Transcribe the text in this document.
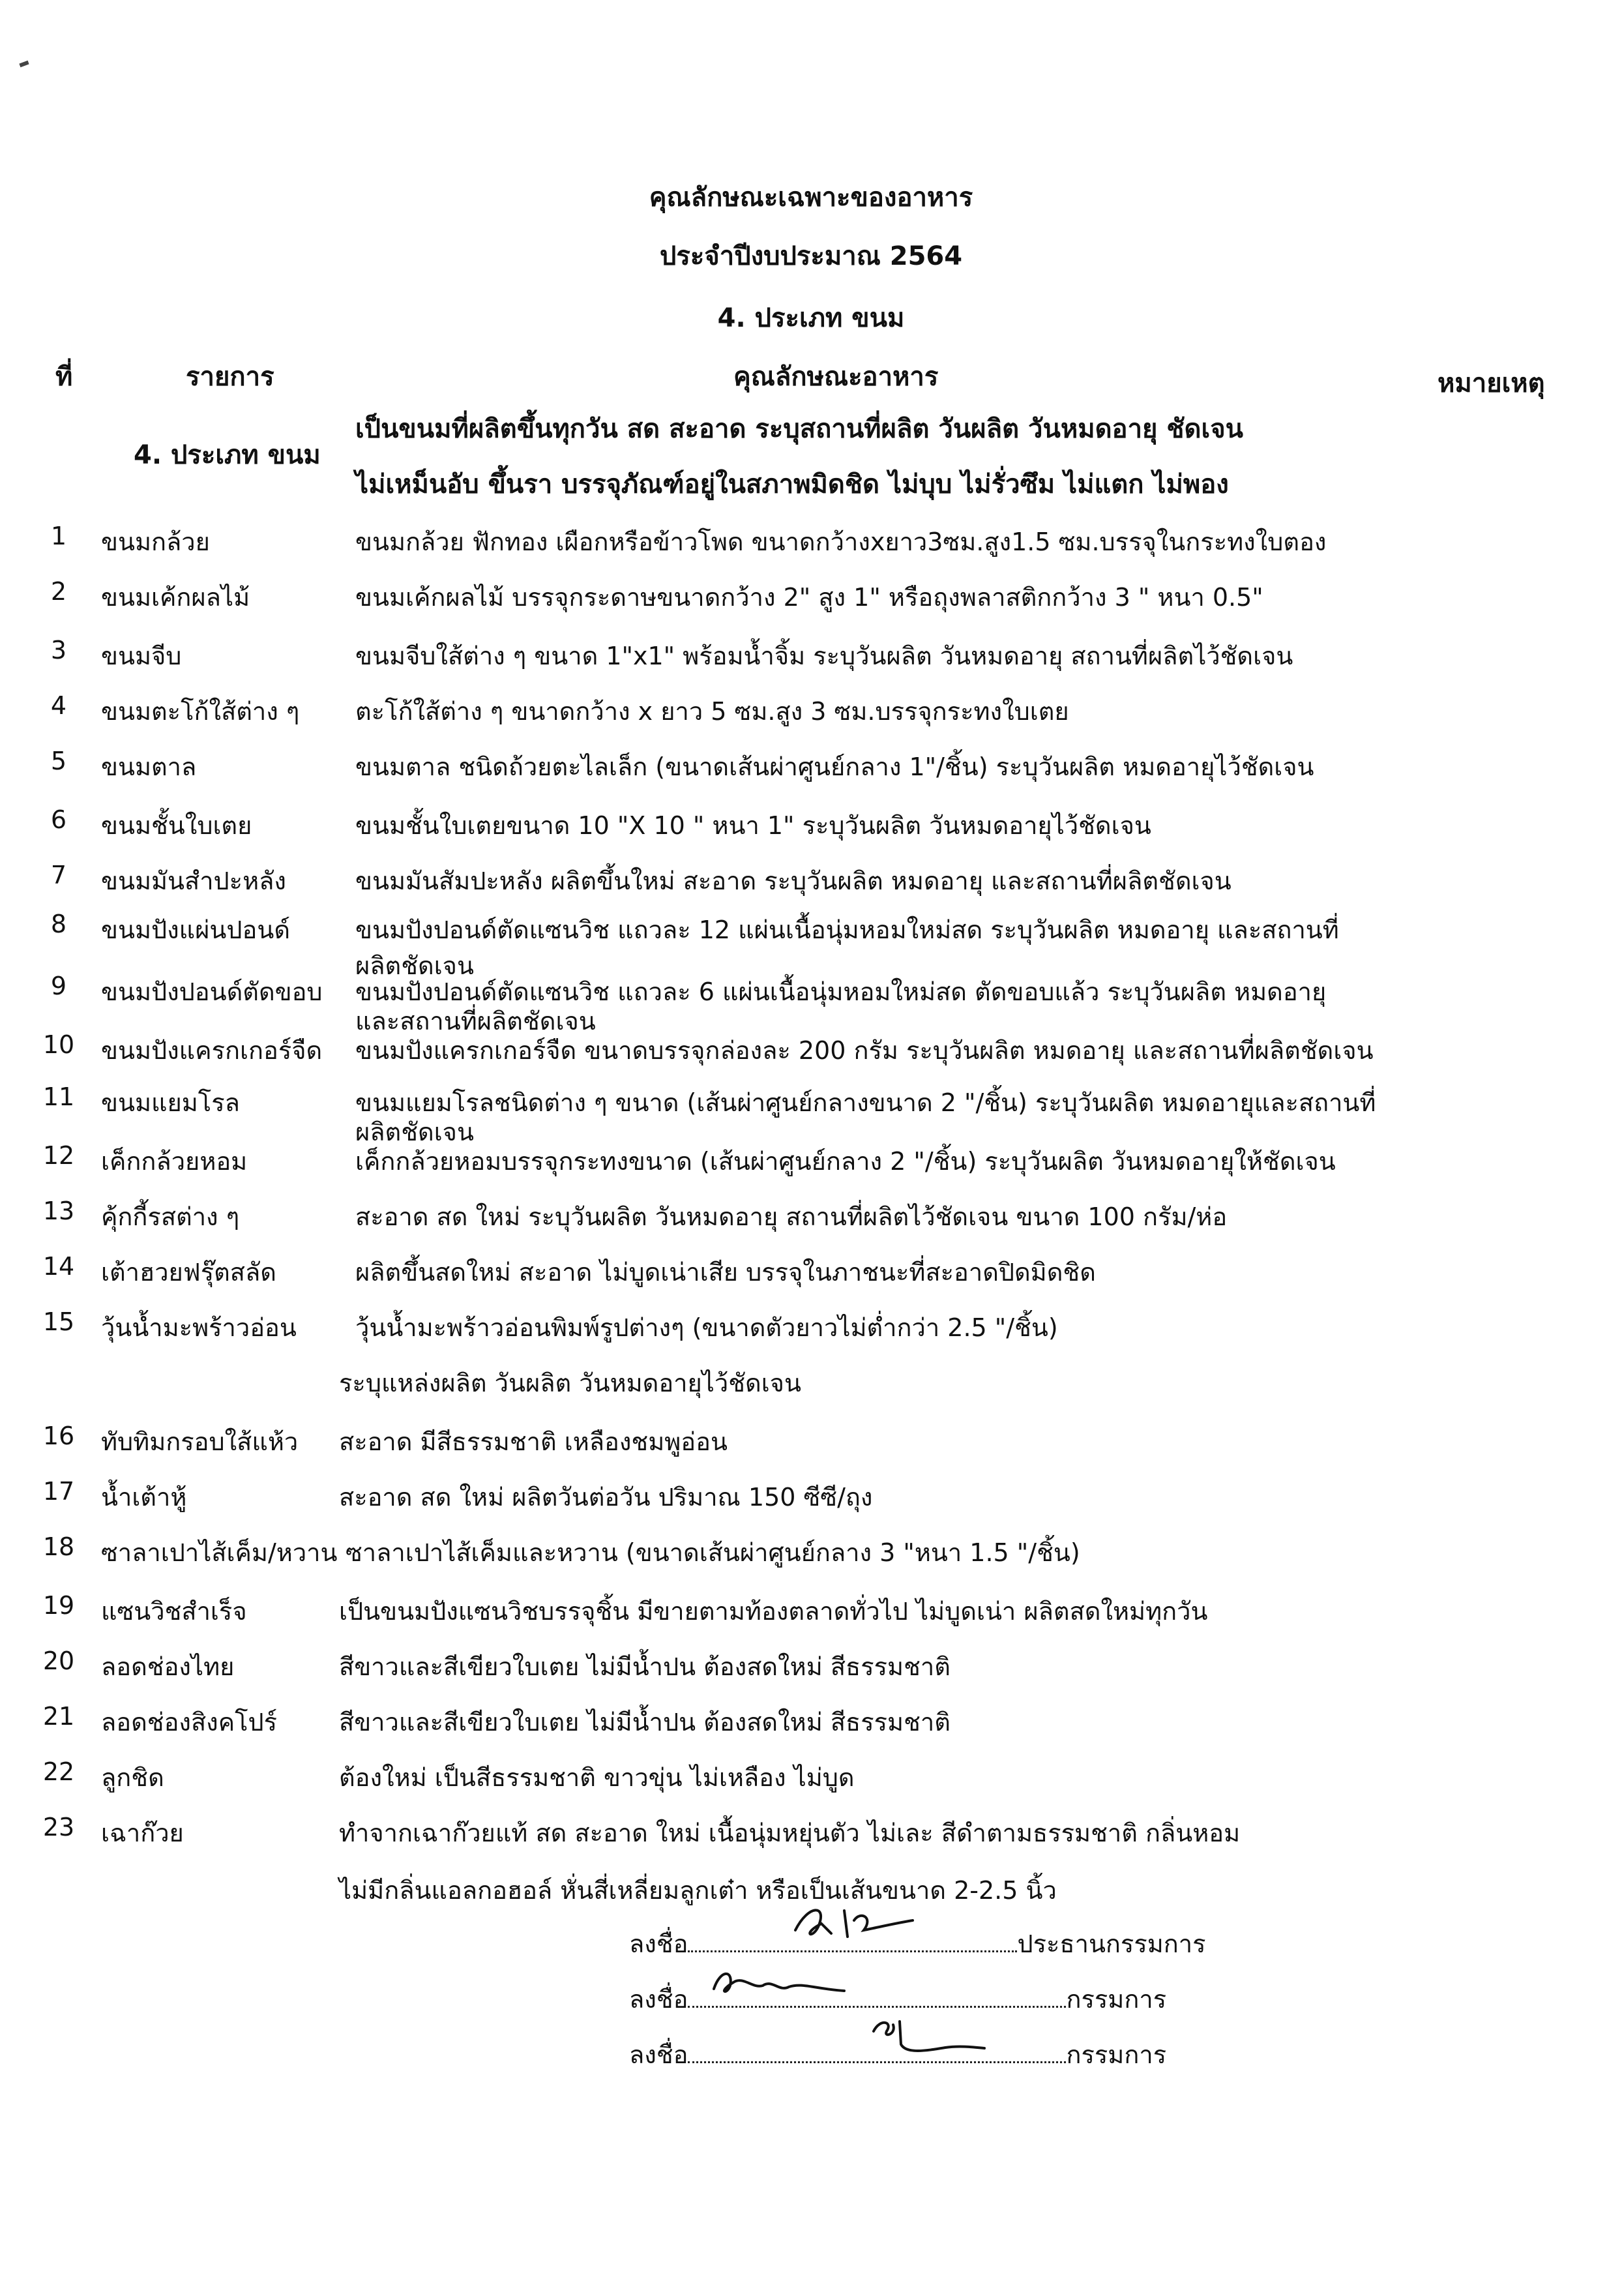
คุณลักษณะเฉพาะของอาหาร
ประจำปีงบประมาณ 2564
4. ประเภท ขนม
ที่	รายการ	คุณลักษณะอาหาร	หมายเหตุ
4. ประเภท ขนม
เป็นขนมที่ผลิตขึ้นทุกวัน สด สะอาด ระบุสถานที่ผลิต วันผลิต วันหมดอายุ ชัดเจน
ไม่เหม็นอับ ขึ้นรา บรรจุภัณฑ์อยู่ในสภาพมิดชิด ไม่บุบ ไม่รั่วซึม ไม่แตก ไม่พอง
1	ขนมกล้วย	ขนมกล้วย ฟักทอง เผือกหรือข้าวโพด ขนาดกว้างxยาว3ซม.สูง1.5 ซม.บรรจุในกระทงใบตอง
2	ขนมเค้กผลไม้	ขนมเค้กผลไม้ บรรจุกระดาษขนาดกว้าง 2" สูง 1" หรือถุงพลาสติกกว้าง 3 " หนา 0.5"
3	ขนมจีบ	ขนมจีบใส้ต่าง ๆ ขนาด 1"x1" พร้อมน้ำจิ้ม ระบุวันผลิต วันหมดอายุ สถานที่ผลิตไว้ชัดเจน
4	ขนมตะโก้ใส้ต่าง ๆ ตะโก้ใส้ต่าง ๆ ขนาดกว้าง x ยาว 5 ซม.สูง 3 ซม.บรรจุกระทงใบเตย
5	ขนมตาล	ขนมตาล ชนิดถ้วยตะไลเล็ก (ขนาดเส้นผ่าศูนย์กลาง 1"/ชิ้น) ระบุวันผลิต หมดอายุไว้ชัดเจน
6	ขนมชั้นใบเตย	ขนมชั้นใบเตยขนาด 10 "X 10 " หนา 1" ระบุวันผลิต วันหมดอายุไว้ชัดเจน
7	ขนมมันสำปะหลัง	ขนมมันสัมปะหลัง ผลิตขึ้นใหม่ สะอาด ระบุวันผลิต หมดอายุ และสถานที่ผลิตชัดเจน
8	ขนมปังแผ่นปอนด์	ขนมปังปอนด์ตัดแซนวิช แถวละ 12 แผ่นเนื้อนุ่มหอมใหม่สด ระบุวันผลิต หมดอายุ และสถานที่
ผลิตชัดเจน
9	ขนมปังปอนด์ตัดขอบ ขนมปังปอนด์ตัดแซนวิช แถวละ 6 แผ่นเนื้อนุ่มหอมใหม่สด ตัดขอบแล้ว ระบุวันผลิต หมดอายุ
และสถานที่ผลิตชัดเจน
10 ขนมปังแครกเกอร์จืด ขนมปังแครกเกอร์จืด ขนาดบรรจุกล่องละ 200 กรัม ระบุวันผลิต หมดอายุ และสถานที่ผลิตชัดเจน
11 ขนมแยมโรล	ขนมแยมโรลชนิดต่าง ๆ ขนาด (เส้นผ่าศูนย์กลางขนาด 2 "/ชิ้น) ระบุวันผลิต หมดอายุและสถานที่
ผลิตชัดเจน
12 เค็กกล้วยหอม	เค็กกล้วยหอมบรรจุกระทงขนาด (เส้นผ่าศูนย์กลาง 2 "/ชิ้น) ระบุวันผลิต วันหมดอายุให้ชัดเจน
13 คุ้กกี้รสต่าง ๆ	สะอาด สด ใหม่ ระบุวันผลิต วันหมดอายุ สถานที่ผลิตไว้ชัดเจน ขนาด 100 กรัม/ห่อ
14 เต้าฮวยฟรุ๊ตสลัด	ผลิตขึ้นสดใหม่ สะอาด ไม่บูดเน่าเสีย บรรจุในภาชนะที่สะอาดปิดมิดชิด
15 วุ้นน้ำมะพร้าวอ่อน วุ้นน้ำมะพร้าวอ่อนพิมพ์รูปต่างๆ (ขนาดตัวยาวไม่ต่ำกว่า 2.5 "/ชิ้น)
ระบุแหล่งผลิต วันผลิต วันหมดอายุไว้ชัดเจน
16 ทับทิมกรอบใส้แห้ว สะอาด มีสีธรรมชาติ เหลืองชมพูอ่อน
17 น้ำเต้าหู้	สะอาด สด ใหม่ ผลิตวันต่อวัน ปริมาณ 150 ซีซี/ถุง
18 ซาลาเปาไส้เค็ม/หวาน ซาลาเปาไส้เค็มและหวาน (ขนาดเส้นผ่าศูนย์กลาง 3 "หนา 1.5 "/ชิ้น)
19 แซนวิชสำเร็จ	เป็นขนมปังแซนวิชบรรจุชิ้น มีขายตามท้องตลาดทั่วไป ไม่บูดเน่า ผลิตสดใหม่ทุกวัน
20 ลอดช่องไทย	สีขาวและสีเขียวใบเตย ไม่มีน้ำปน ต้องสดใหม่ สีธรรมชาติ
21 ลอดช่องสิงคโปร์ สีขาวและสีเขียวใบเตย ไม่มีน้ำปน ต้องสดใหม่ สีธรรมชาติ
22 ลูกชิด	ต้องใหม่ เป็นสีธรรมชาติ ขาวขุ่น ไม่เหลือง ไม่บูด
23 เฉาก๊วย	ทำจากเฉาก๊วยแท้ สด สะอาด ใหม่ เนื้อนุ่มหยุ่นตัว ไม่เละ สีดำตามธรรมชาติ กลิ่นหอม
ไม่มีกลิ่นแอลกอฮอล์ หั่นสี่เหลี่ยมลูกเต๋า หรือเป็นเส้นขนาด 2-2.5 นิ้ว
ลงชื่อ	ประธานกรรมการ
ลงชื่อ	กรรมการ
ลงชื่อ	กรรมการ
